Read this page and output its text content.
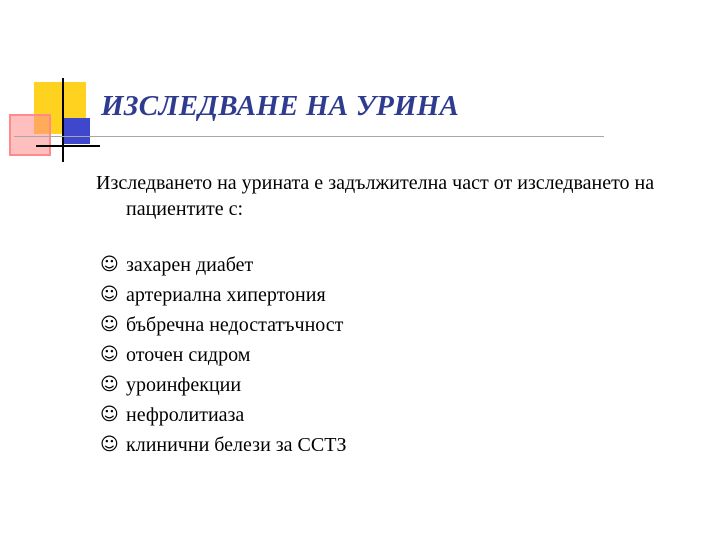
ИЗСЛЕДВАНЕ НА УРИНА

Изследването на урината е задължителна част от изследването на пациентите с:

☺ захарен диабет
☺ артериална хипертония
☺ бъбречна недостатъчност
☺ оточен сидром
☺ уроинфекции
☺ нефролитиаза
☺ клинични белези за ССТЗ
